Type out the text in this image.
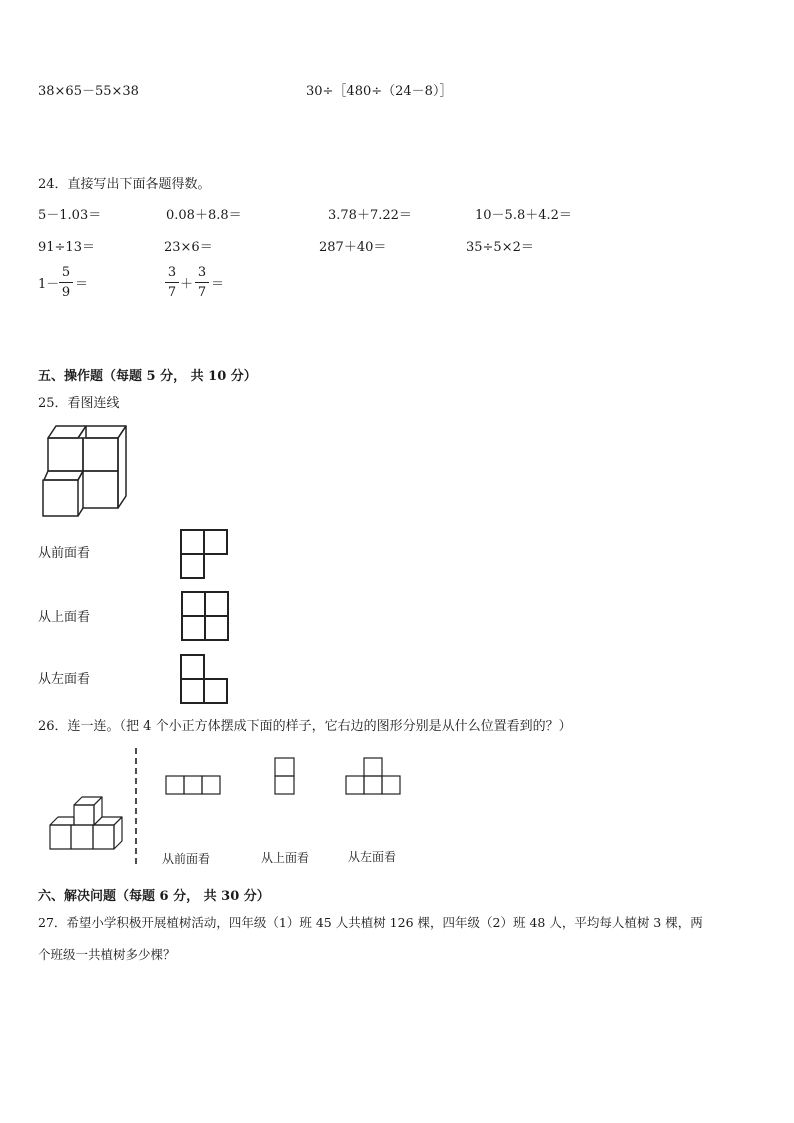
38×65－55×38	30÷［480÷（24－8）］
24．直接写出下面各题得数。
5－1.03＝	0.08＋8.8＝	3.78＋7.22＝	10－5.8＋4.2＝
91÷13＝	23×6＝	287＋40＝	35÷5×2＝
1－
5
9
＝
3
7
＋
3
7
＝
五、操作题（每题 5 分， 共 10 分）
25．看图连线
从前面看
从上面看
从左面看
26．连一连。（把 4 个小正方体摆成下面的样子，它右边的图形分别是从什么位置看到的？）
从前面看	从上面看	从左面看
六、解决问题（每题 6 分， 共 30 分）
27．希望小学积极开展植树活动，四年级（1）班 45 人共植树 126 棵，四年级（2）班 48 人，平均每人植树 3 棵，两
个班级一共植树多少棵？
